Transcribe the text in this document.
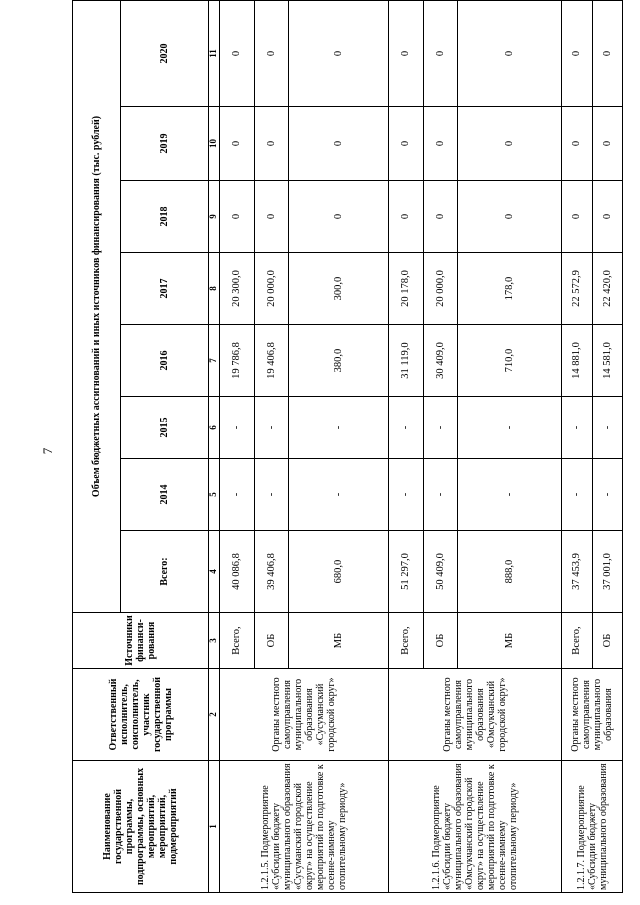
7
Наименование государственной программы, подпрограммы, основных мероприятий, мероприятий, подмероприятий	Ответственный исполнитель, соисполнитель, участник государственной программы	Источники финанси-рования	Объем бюджетных ассигнований и иных источников финансирования (тыс. рублей)							
			Всего:	2014	2015	2016	2017	2018	2019	2020
1	2	3	4	5	6	7	8	9	10	11
1.2.1.5. Подмероприятие «Субсидии бюджету муниципального образования «Сусуманский городской округ» на осуществление мероприятий по подготовке к осенне-зимнему отопительному периоду»	Органы местного самоуправления муниципального образования «Сусуманский городской округ»	Всего,	40 086,8	-	-	19 786,8	20 300,0	0	0	0
		ОБ	39 406,8	-	-	19 406,8	20 000,0	0	0	0
		МБ	680,0	-	-	380,0	300,0	0	0	0
1.2.1.6. Подмероприятие «Субсидии бюджету муниципального образования «Омсукчанский городской округ» на осуществление мероприятий по подготовке к осенне-зимнему отопительному периоду»	Органы местного самоуправления муниципального образования «Омсукчанский городской округ»	Всего,	51 297,0	-	-	31 119,0	20 178,0	0	0	0
		ОБ	50 409,0	-	-	30 409,0	20 000,0	0	0	0
		МБ	888,0	-	-	710,0	178,0	0	0	0
1.2.1.7. Подмероприятие «Субсидии бюджету муниципального образования	Органы местного самоуправления муниципального образования	Всего,	37 453,9	-	-	14 881,0	22 572,9	0	0	0
		ОБ	37 001,0	-	-	14 581,0	22 420,0	0	0	0
